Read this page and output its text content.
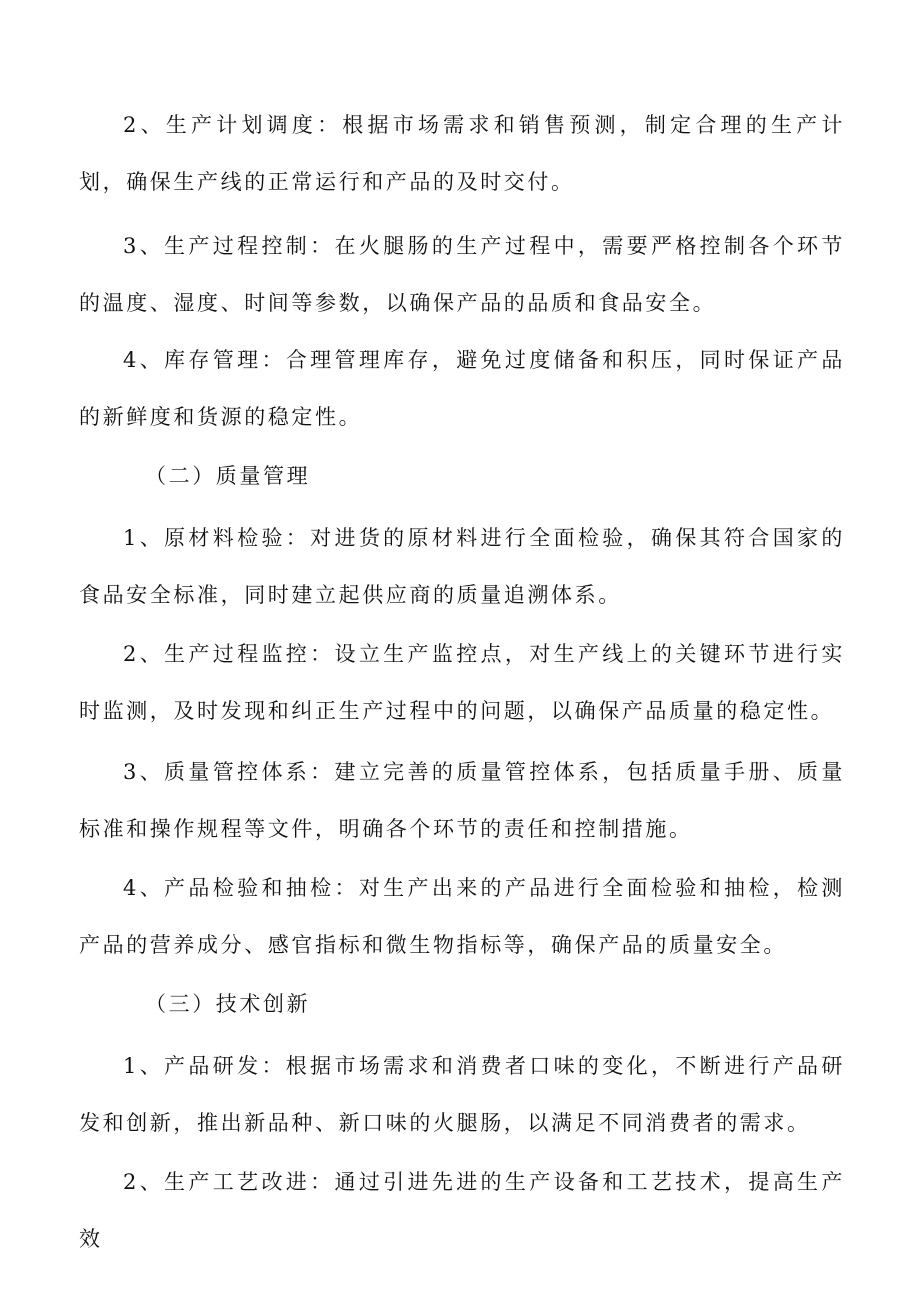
2、生产计划调度：根据市场需求和销售预测，制定合理的生产计划，确保生产线的正常运行和产品的及时交付。

3、生产过程控制：在火腿肠的生产过程中，需要严格控制各个环节的温度、湿度、时间等参数，以确保产品的品质和食品安全。

4、库存管理：合理管理库存，避免过度储备和积压，同时保证产品的新鲜度和货源的稳定性。

（二）质量管理

1、原材料检验：对进货的原材料进行全面检验，确保其符合国家的食品安全标准，同时建立起供应商的质量追溯体系。

2、生产过程监控：设立生产监控点，对生产线上的关键环节进行实时监测，及时发现和纠正生产过程中的问题，以确保产品质量的稳定性。

3、质量管控体系：建立完善的质量管控体系，包括质量手册、质量标准和操作规程等文件，明确各个环节的责任和控制措施。

4、产品检验和抽检：对生产出来的产品进行全面检验和抽检，检测产品的营养成分、感官指标和微生物指标等，确保产品的质量安全。

（三）技术创新

1、产品研发：根据市场需求和消费者口味的变化，不断进行产品研发和创新，推出新品种、新口味的火腿肠，以满足不同消费者的需求。

2、生产工艺改进：通过引进先进的生产设备和工艺技术，提高生产效
